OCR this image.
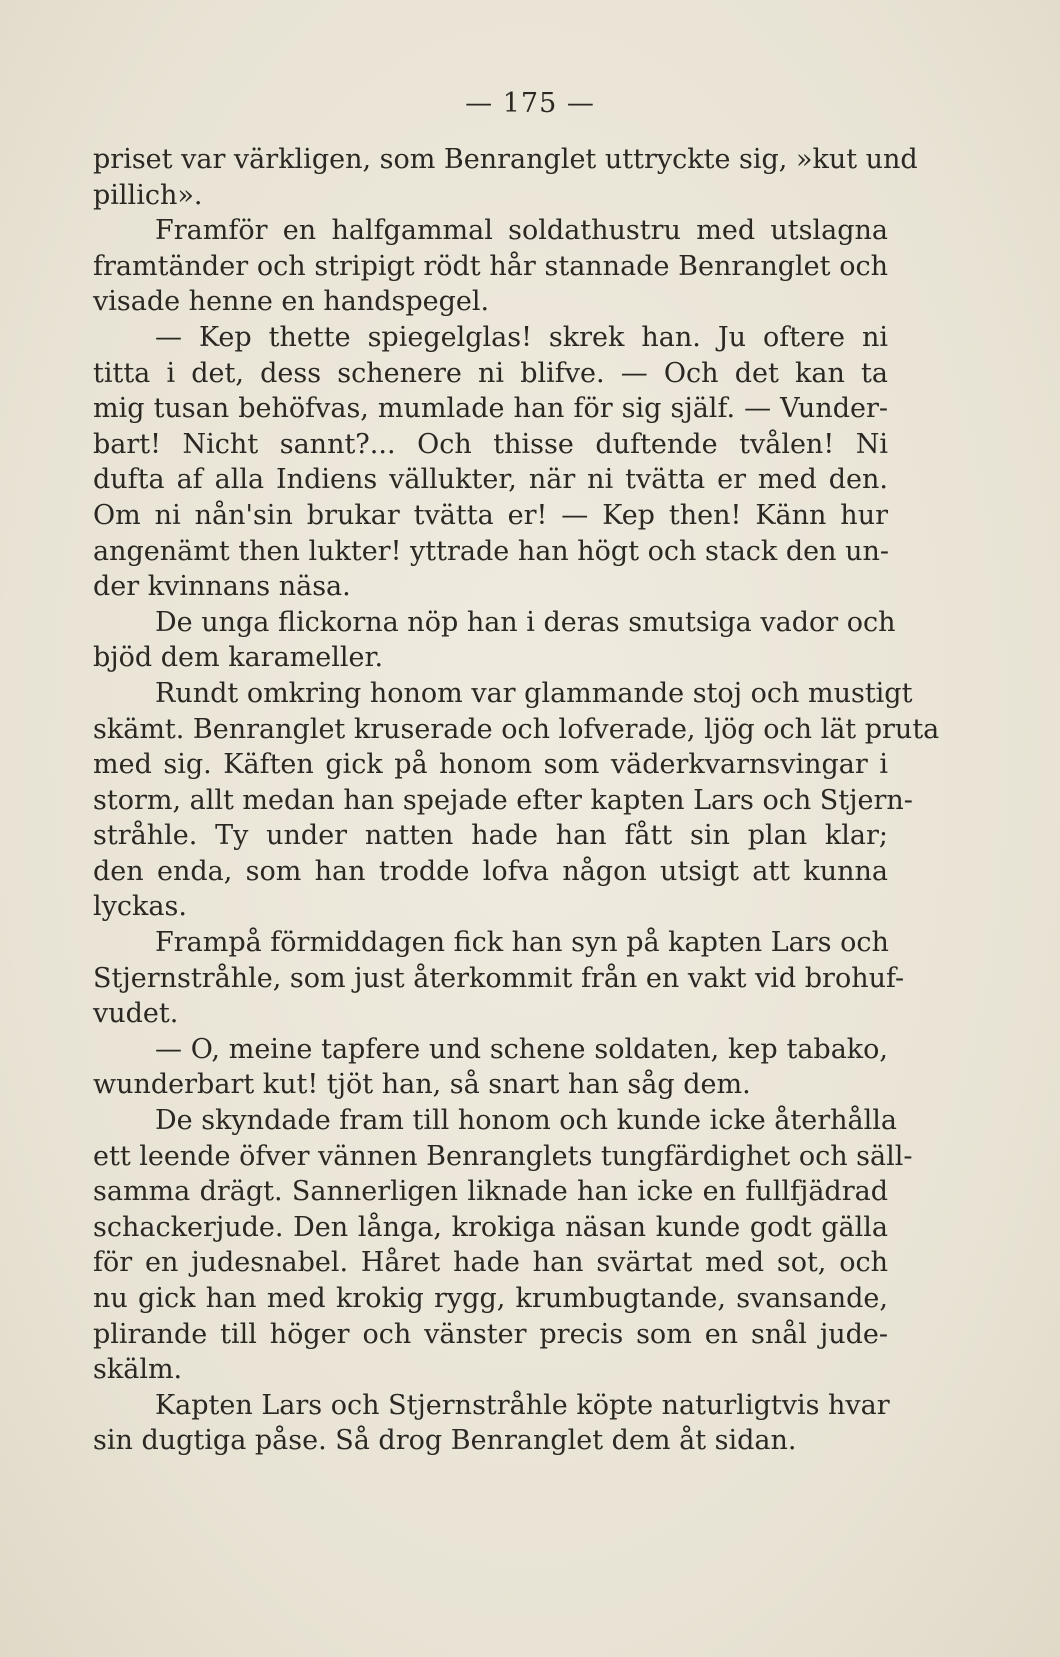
— 175 —
priset var värkligen, som Benranglet uttryckte sig, »kut und
pillich».
Framför en halfgammal soldathustru med utslagna
framtänder och stripigt rödt hår stannade Benranglet och
visade henne en handspegel.
— Kep thette spiegelglas! skrek han. Ju oftere ni
titta i det, dess schenere ni blifve. — Och det kan ta
mig tusan behöfvas, mumlade han för sig själf. — Vunder-
bart! Nicht sannt?... Och thisse duftende tvålen! Ni
dufta af alla Indiens vällukter, när ni tvätta er med den.
Om ni nån'sin brukar tvätta er! — Kep then! Känn hur
angenämt then lukter! yttrade han högt och stack den un-
der kvinnans näsa.
De unga flickorna nöp han i deras smutsiga vador och
bjöd dem karameller.
Rundt omkring honom var glammande stoj och mustigt
skämt. Benranglet kruserade och lofverade, ljög och lät pruta
med sig. Käften gick på honom som väderkvarnsvingar i
storm, allt medan han spejade efter kapten Lars och Stjern-
stråhle. Ty under natten hade han fått sin plan klar;
den enda, som han trodde lofva någon utsigt att kunna
lyckas.
Frampå förmiddagen fick han syn på kapten Lars och
Stjernstråhle, som just återkommit från en vakt vid brohuf-
vudet.
— O, meine tapfere und schene soldaten, kep tabako,
wunderbart kut! tjöt han, så snart han såg dem.
De skyndade fram till honom och kunde icke återhålla
ett leende öfver vännen Benranglets tungfärdighet och säll-
samma drägt. Sannerligen liknade han icke en fullfjädrad
schackerjude. Den långa, krokiga näsan kunde godt gälla
för en judesnabel. Håret hade han svärtat med sot, och
nu gick han med krokig rygg, krumbugtande, svansande,
plirande till höger och vänster precis som en snål jude-
skälm.
Kapten Lars och Stjernstråhle köpte naturligtvis hvar
sin dugtiga påse. Så drog Benranglet dem åt sidan.
